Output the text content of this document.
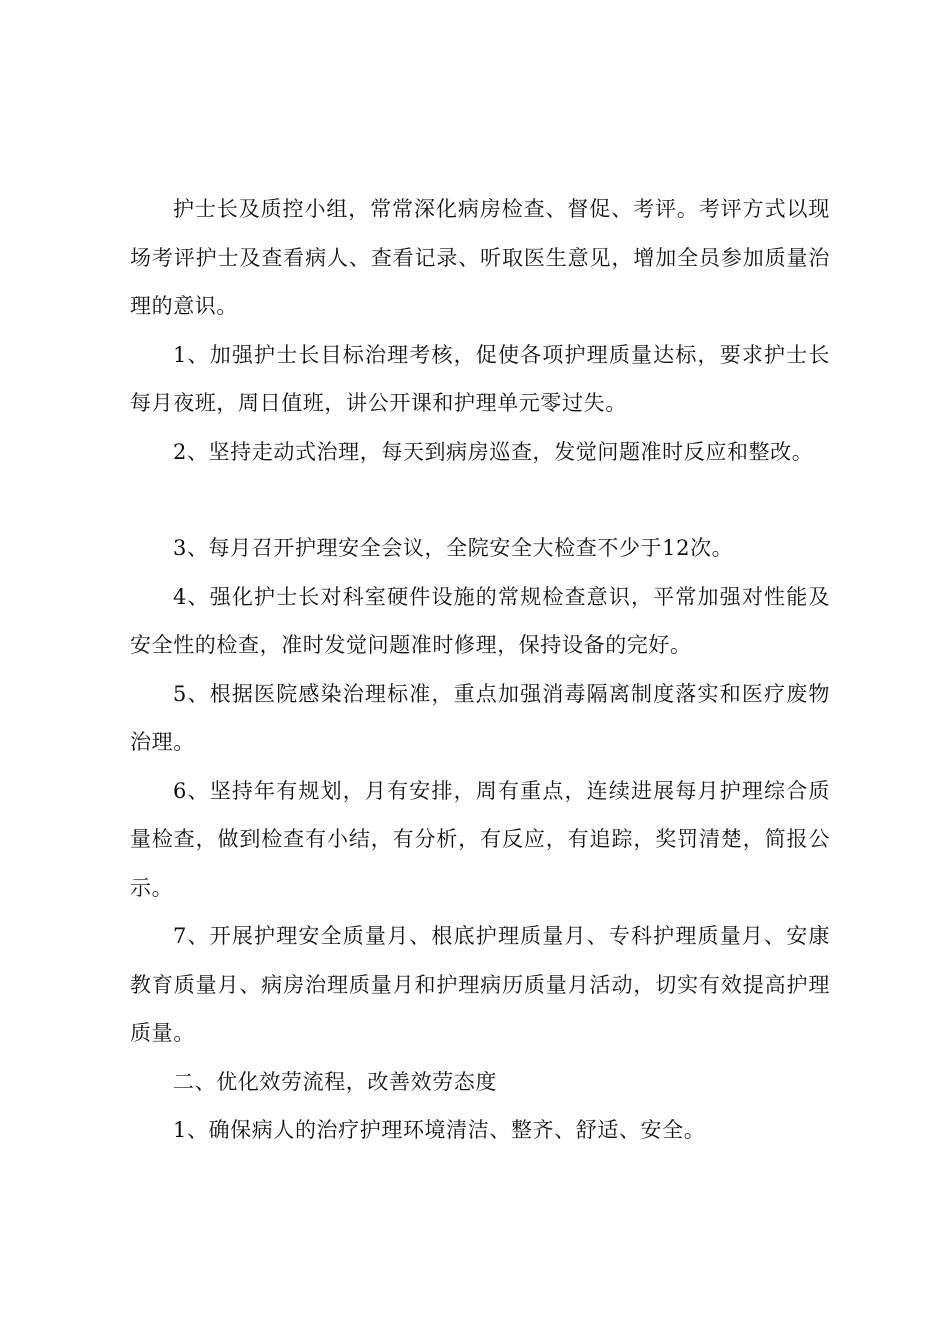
护士长及质控小组，常常深化病房检查、督促、考评。考评方式以现场考评护士及查看病人、查看记录、听取医生意见，增加全员参加质量治理的意识。

1、加强护士长目标治理考核，促使各项护理质量达标，要求护士长每月夜班，周日值班，讲公开课和护理单元零过失。

2、坚持走动式治理，每天到病房巡查，发觉问题准时反应和整改。

3、每月召开护理安全会议，全院安全大检查不少于12次。

4、强化护士长对科室硬件设施的常规检查意识，平常加强对性能及安全性的检查，准时发觉问题准时修理，保持设备的完好。

5、根据医院感染治理标准，重点加强消毒隔离制度落实和医疗废物治理。

6、坚持年有规划，月有安排，周有重点，连续进展每月护理综合质量检查，做到检查有小结，有分析，有反应，有追踪，奖罚清楚，简报公示。

7、开展护理安全质量月、根底护理质量月、专科护理质量月、安康教育质量月、病房治理质量月和护理病历质量月活动，切实有效提高护理质量。

二、优化效劳流程，改善效劳态度

1、确保病人的治疗护理环境清洁、整齐、舒适、安全。
